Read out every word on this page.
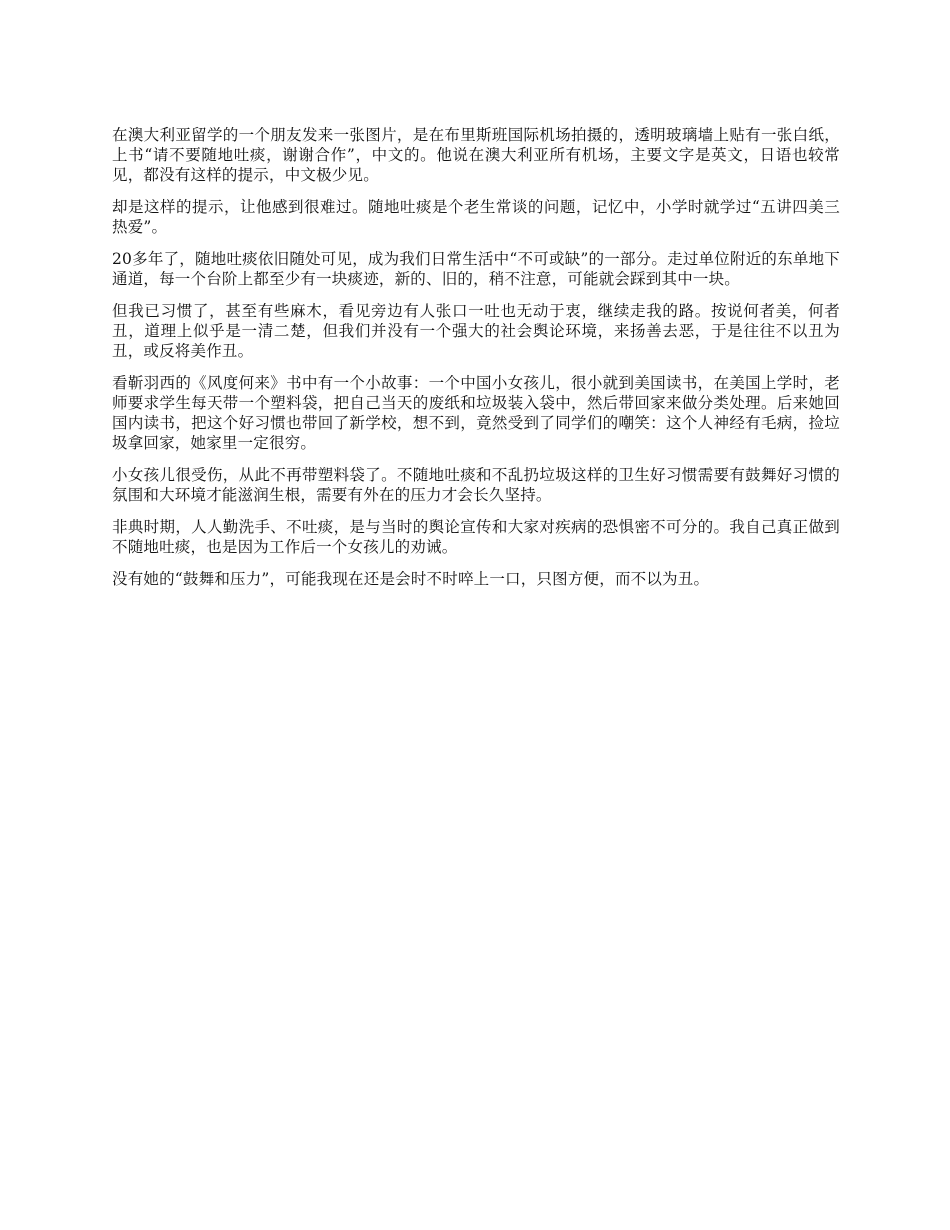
在澳大利亚留学的一个朋友发来一张图片，是在布里斯班国际机场拍摄的，透明玻璃墙上贴有一张白纸，上书“请不要随地吐痰，谢谢合作”，中文的。他说在澳大利亚所有机场，主要文字是英文，日语也较常见，都没有这样的提示，中文极少见。

却是这样的提示，让他感到很难过。随地吐痰是个老生常谈的问题，记忆中，小学时就学过“五讲四美三热爱”。

20多年了，随地吐痰依旧随处可见，成为我们日常生活中“不可或缺”的一部分。走过单位附近的东单地下通道，每一个台阶上都至少有一块痰迹，新的、旧的，稍不注意，可能就会踩到其中一块。

但我已习惯了，甚至有些麻木，看见旁边有人张口一吐也无动于衷，继续走我的路。按说何者美，何者丑，道理上似乎是一清二楚，但我们并没有一个强大的社会舆论环境，来扬善去恶，于是往往不以丑为丑，或反将美作丑。

看靳羽西的《风度何来》书中有一个小故事：一个中国小女孩儿，很小就到美国读书，在美国上学时，老师要求学生每天带一个塑料袋，把自己当天的废纸和垃圾装入袋中，然后带回家来做分类处理。后来她回国内读书，把这个好习惯也带回了新学校，想不到，竟然受到了同学们的嘲笑：这个人神经有毛病，捡垃圾拿回家，她家里一定很穷。

小女孩儿很受伤，从此不再带塑料袋了。不随地吐痰和不乱扔垃圾这样的卫生好习惯需要有鼓舞好习惯的氛围和大环境才能滋润生根，需要有外在的压力才会长久坚持。

非典时期，人人勤洗手、不吐痰，是与当时的舆论宣传和大家对疾病的恐惧密不可分的。我自己真正做到不随地吐痰，也是因为工作后一个女孩儿的劝诫。

没有她的“鼓舞和压力”，可能我现在还是会时不时啐上一口，只图方便，而不以为丑。
